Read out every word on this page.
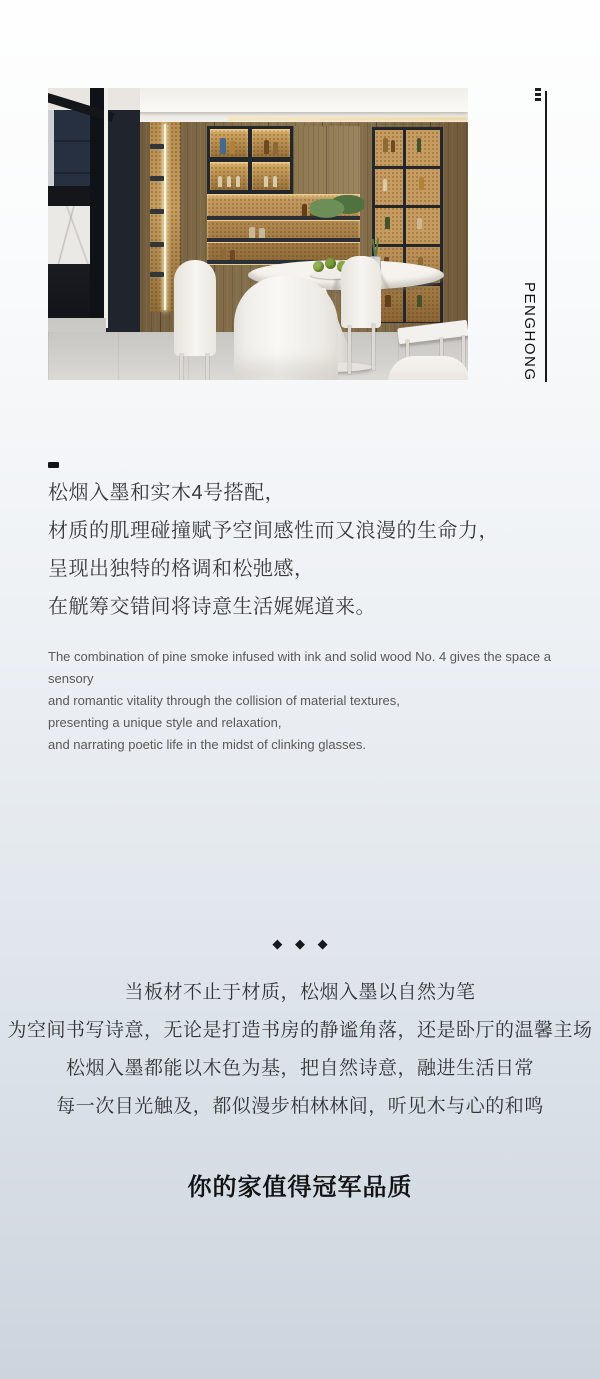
PENGHONG

松烟入墨和实木4号搭配，

材质的肌理碰撞赋予空间感性而又浪漫的生命力，

呈现出独特的格调和松弛感，

在觥筹交错间将诗意生活娓娓道来。

The combination of pine smoke infused with ink and solid wood No. 4 gives the space a sensory

and romantic vitality through the collision of material textures,

presenting a unique style and relaxation,

and narrating poetic life in the midst of clinking glasses.

◆ ◆ ◆

当板材不止于材质，松烟入墨以自然为笔

为空间书写诗意，无论是打造书房的静谧角落，还是卧厅的温馨主场

松烟入墨都能以木色为基，把自然诗意，融进生活日常

每一次目光触及，都似漫步柏林林间，听见木与心的和鸣

你的家值得冠军品质
